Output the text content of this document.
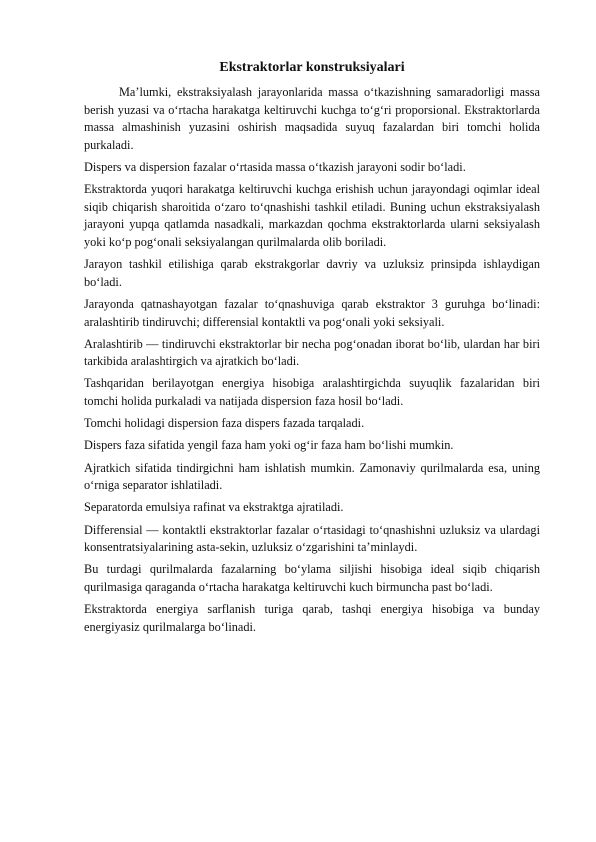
Ekstraktorlar konstruksiyalari

Ma’lumki, ekstraksiyalash jarayonlarida massa o‘tkazishning samaradorligi massa berish yuzasi va o‘rtacha harakatga keltiruvchi kuchga to‘g‘ri proporsional. Ekstraktorlarda massa almashinish yuzasini oshirish maqsadida suyuq fazalardan biri tomchi holida purkaladi.

Dispers va dispersion fazalar o‘rtasida massa o‘tkazish jarayoni sodir bo‘ladi.

Ekstraktorda yuqori harakatga keltiruvchi kuchga erishish uchun jarayondagi oqimlar ideal siqib chiqarish sharoitida o‘zaro to‘qnashishi tashkil etiladi. Buning uchun ekstraksiyalash jarayoni yupqa qatlamda nasadkali, markazdan qochma ekstraktorlarda ularni seksiyalash yoki ko‘p pog‘onali seksiyalangan qurilmalarda olib boriladi.

Jarayon tashkil etilishiga qarab ekstrakgorlar davriy va uzluksiz prinsipda ishlaydigan bo‘ladi.

Jarayonda qatnashayotgan fazalar to‘qnashuviga qarab ekstraktor 3 guruhga bo‘linadi: aralashtirib tindiruvchi; differensial kontaktli va pog‘onali yoki seksiyali.

Aralashtirib — tindiruvchi ekstraktorlar bir necha pog‘onadan iborat bo‘lib, ulardan har biri tarkibida aralashtirgich va ajratkich bo‘ladi.

Tashqaridan berilayotgan energiya hisobiga aralashtirgichda suyuqlik fazalaridan biri tomchi holida purkaladi va natijada dispersion faza hosil bo‘ladi.

Tomchi holidagi dispersion faza dispers fazada tarqaladi.

Dispers faza sifatida yengil faza ham yoki og‘ir faza ham bo‘lishi mumkin.

Ajratkich sifatida tindirgichni ham ishlatish mumkin. Zamonaviy qurilmalarda esa, uning o‘rniga separator ishlatiladi.

Separatorda emulsiya rafinat va ekstraktga ajratiladi.

Differensial — kontaktli ekstraktorlar fazalar o‘rtasidagi to‘qnashishni uzluksiz va ulardagi konsentratsiyalarining asta-sekin, uzluksiz o‘zgarishini ta’minlaydi.

Bu turdagi qurilmalarda fazalarning bo‘ylama siljishi hisobiga ideal siqib chiqarish qurilmasiga qaraganda o‘rtacha harakatga keltiruvchi kuch birmuncha past bo‘ladi.

Ekstraktorda energiya sarflanish turiga qarab, tashqi energiya hisobiga va bunday energiyasiz qurilmalarga bo‘linadi.
